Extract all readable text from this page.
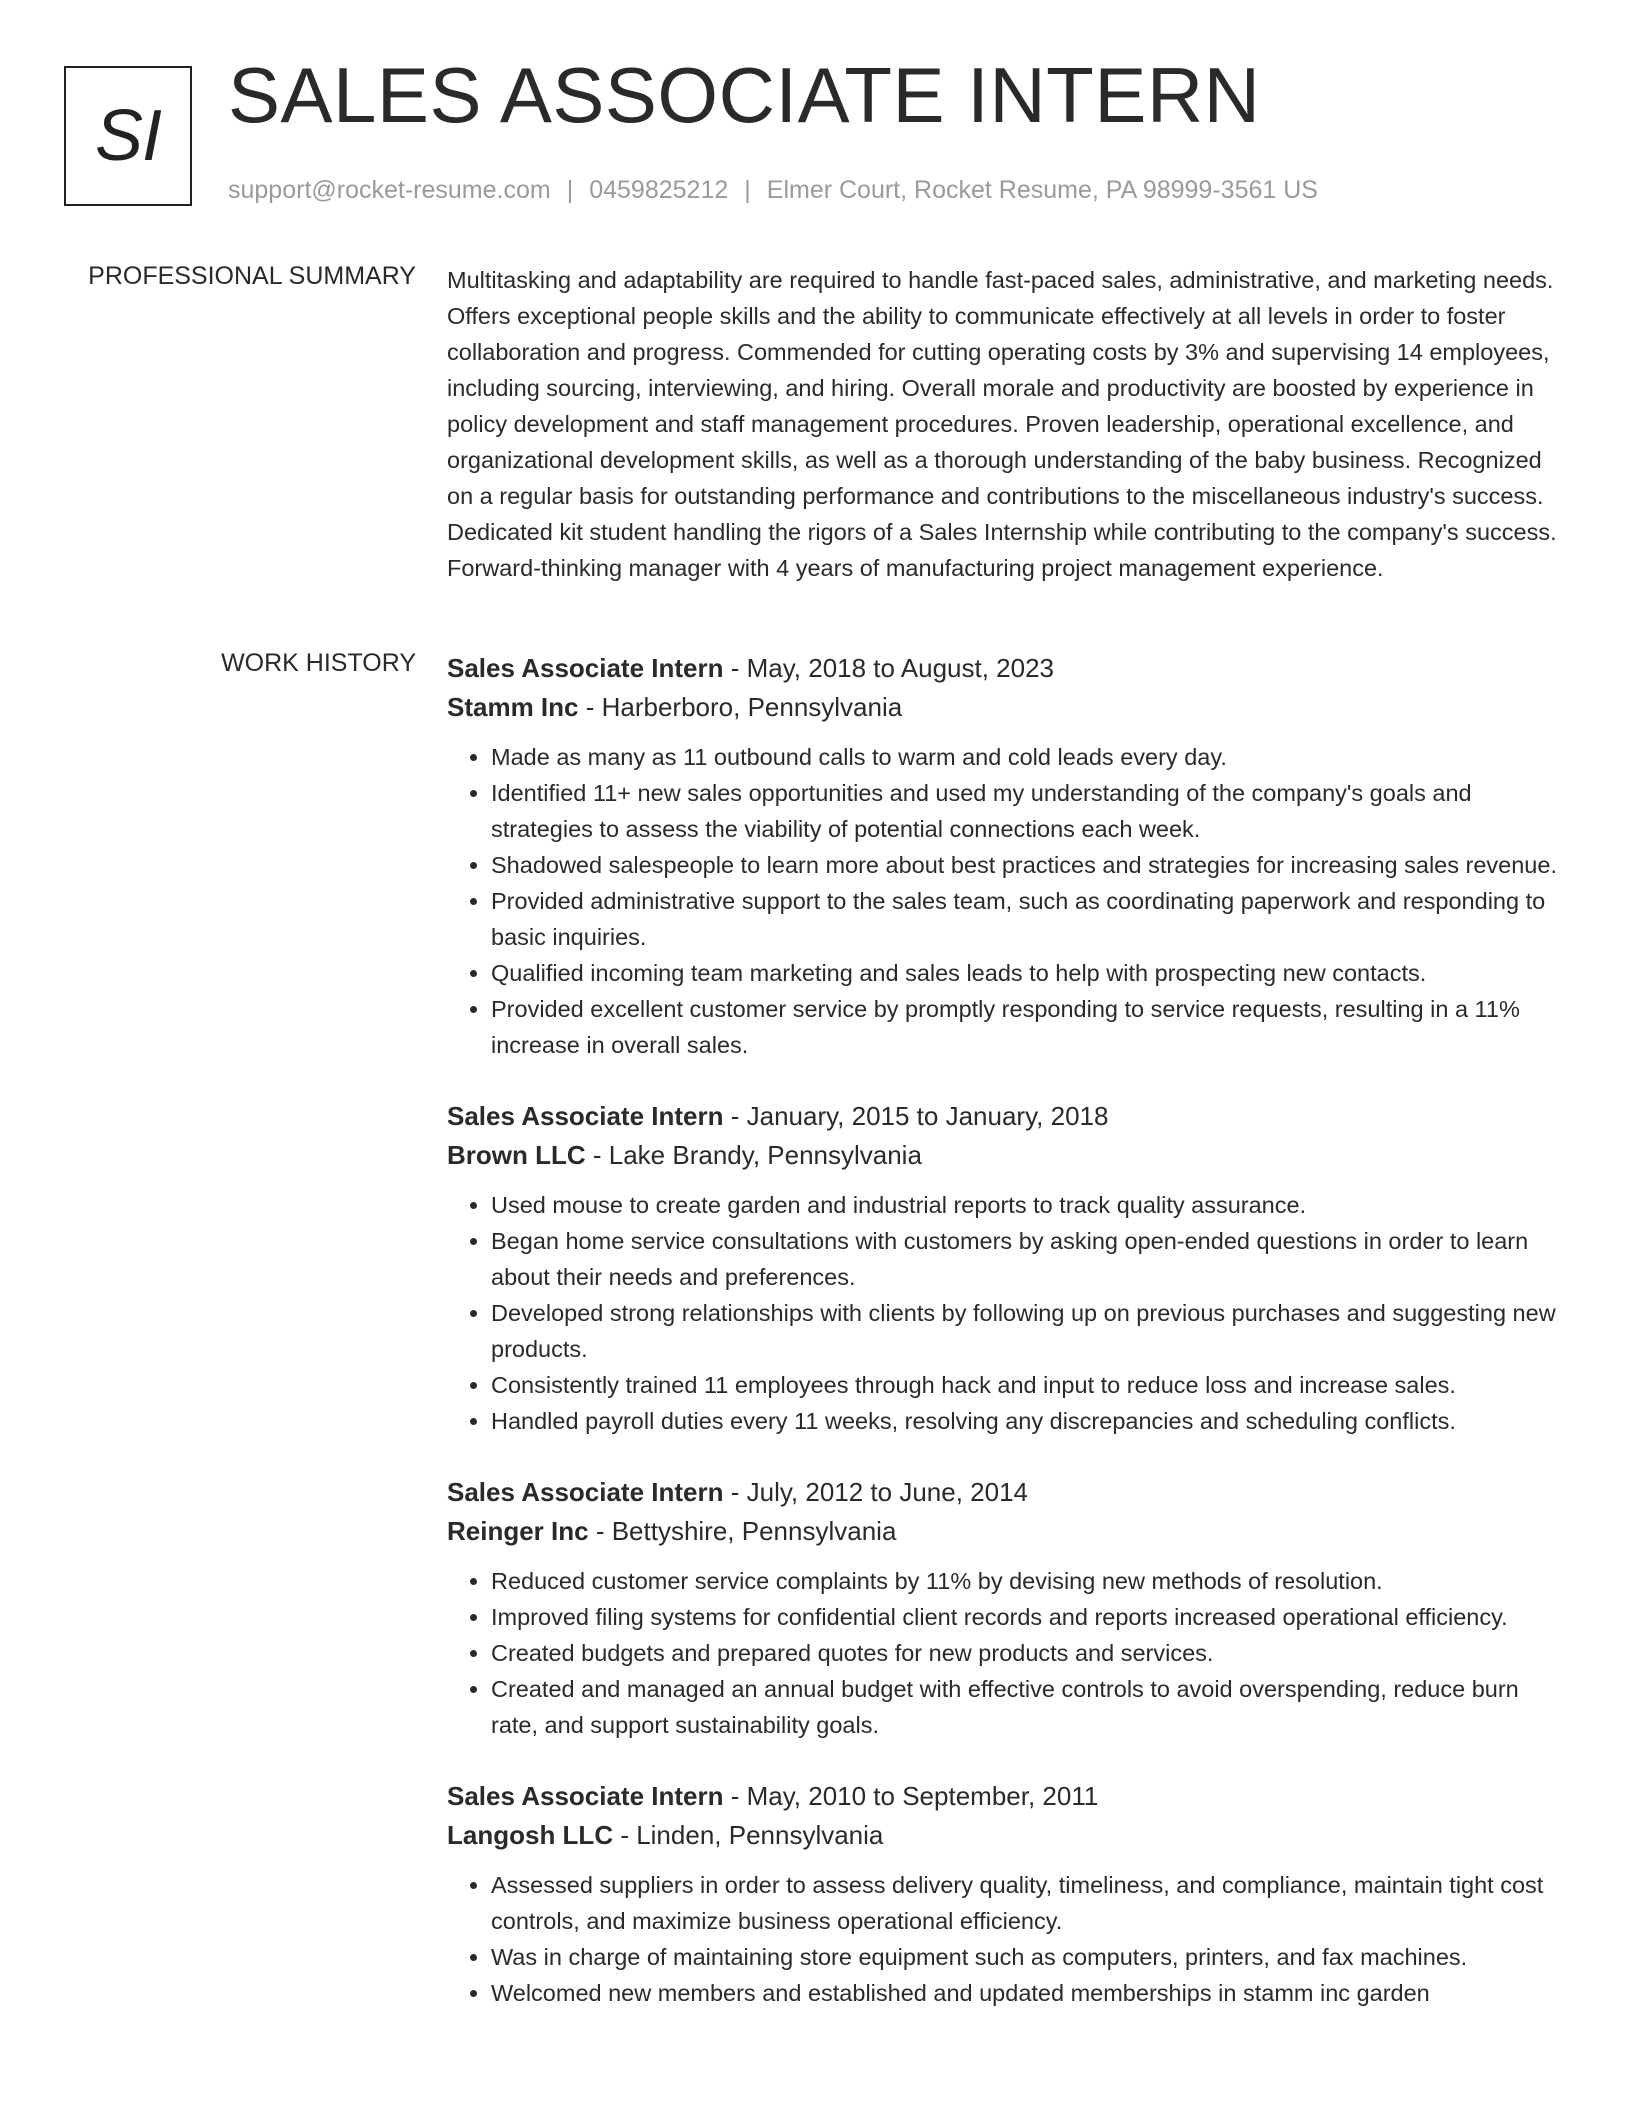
SI SALES ASSOCIATE INTERN
support@rocket-resume.com | 0459825212 | Elmer Court, Rocket Resume, PA 98999-3561 US
PROFESSIONAL SUMMARY Multitasking and adaptability are required to handle fast-paced sales, administrative, and marketing needs. Offers exceptional people skills and the ability to communicate effectively at all levels in order to foster collaboration and progress. Commended for cutting operating costs by 3% and supervising 14 employees, including sourcing, interviewing, and hiring. Overall morale and productivity are boosted by experience in policy development and staff management procedures. Proven leadership, operational excellence, and organizational development skills, as well as a thorough understanding of the baby business. Recognized on a regular basis for outstanding performance and contributions to the miscellaneous industry's success. Dedicated kit student handling the rigors of a Sales Internship while contributing to the company's success. Forward-thinking manager with 4 years of manufacturing project management experience.

WORK HISTORY Sales Associate Intern - May, 2018 to August, 2023
Stamm Inc - Harberboro, Pennsylvania
• Made as many as 11 outbound calls to warm and cold leads every day.
• Identified 11+ new sales opportunities and used my understanding of the company's goals and strategies to assess the viability of potential connections each week.
• Shadowed salespeople to learn more about best practices and strategies for increasing sales revenue.
• Provided administrative support to the sales team, such as coordinating paperwork and responding to basic inquiries.
• Qualified incoming team marketing and sales leads to help with prospecting new contacts.
• Provided excellent customer service by promptly responding to service requests, resulting in a 11% increase in overall sales.
Sales Associate Intern - January, 2015 to January, 2018
Brown LLC - Lake Brandy, Pennsylvania
• Used mouse to create garden and industrial reports to track quality assurance.
• Began home service consultations with customers by asking open-ended questions in order to learn about their needs and preferences.
• Developed strong relationships with clients by following up on previous purchases and suggesting new products.
• Consistently trained 11 employees through hack and input to reduce loss and increase sales.
• Handled payroll duties every 11 weeks, resolving any discrepancies and scheduling conflicts.
Sales Associate Intern - July, 2012 to June, 2014
Reinger Inc - Bettyshire, Pennsylvania
• Reduced customer service complaints by 11% by devising new methods of resolution.
• Improved filing systems for confidential client records and reports increased operational efficiency.
• Created budgets and prepared quotes for new products and services.
• Created and managed an annual budget with effective controls to avoid overspending, reduce burn rate, and support sustainability goals.
Sales Associate Intern - May, 2010 to September, 2011
Langosh LLC - Linden, Pennsylvania
• Assessed suppliers in order to assess delivery quality, timeliness, and compliance, maintain tight cost controls, and maximize business operational efficiency.
• Was in charge of maintaining store equipment such as computers, printers, and fax machines.
• Welcomed new members and established and updated memberships in stamm inc garden
